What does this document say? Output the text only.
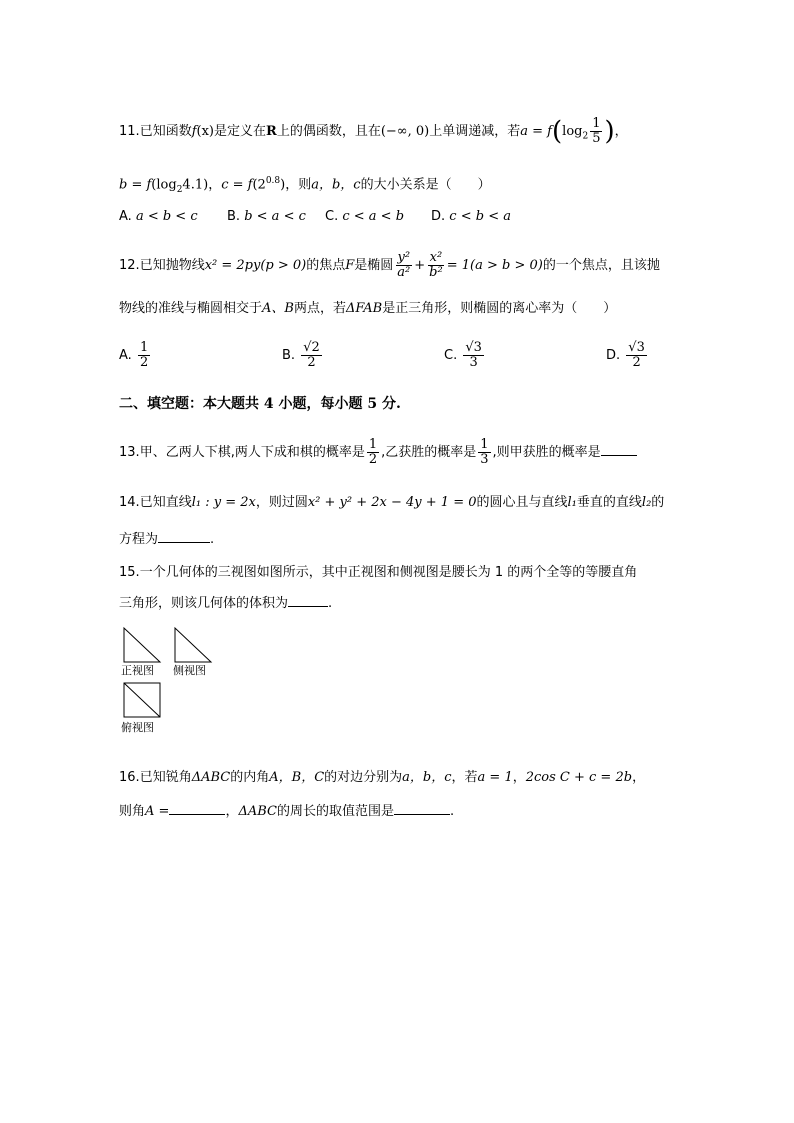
11.已知函数f(x)是定义在R上的偶函数，且在(−∞, 0)上单调递减，若$a = f(\log_2 \frac{1}{5}$ )，
$b = f(\log_24.1)$，$c = f(2^{0.8})$，则a，b，c的大小关系是（　　）
A. a < b < c B. b < a < c C. c < a < b D. c < b < a
12.已知抛物线x² = 2py(p > 0)的焦点F是椭圆 $\frac{\text{y²}}{\text{a²}} + \frac{\text{x²}}{\text{b²}} = 1(a > b > 0)$的一个焦点，且该抛
物线的准线与椭圆相交于A、B两点，若ΔFAB是正三角形，则椭圆的离心率为（　　）
A. $\frac{1}{2}$	B. $\frac{√2}{2}$	C. $\frac{√3}{3}$	D. $\frac{√3}{2}$
二、填空题：本大题共 4 小题，每小题 5 分.
13.甲、乙两人下棋,两人下成和棋的概率是 $\frac{1}{2}$ ,乙获胜的概率是 $\frac{1}{3}$ ,则甲获胜的概率是
14.已知直线l₁ : y = 2x，则过圆x² + y² + 2x − 4y + 1 = 0的圆心且与直线l₁垂直的直线l₂的
方程为	.
15.一个几何体的三视图如图所示，其中正视图和侧视图是腰长为 1 的两个全等的等腰直角
三角形，则该几何体的体积为	.
正视图 侧视图
俯视图
16.已知锐角ΔABC的内角A，B，C的对边分别为a，b，c，若a = 1，2cos C + c = 2b，
则角A =	，ΔABC的周长的取值范围是	.
